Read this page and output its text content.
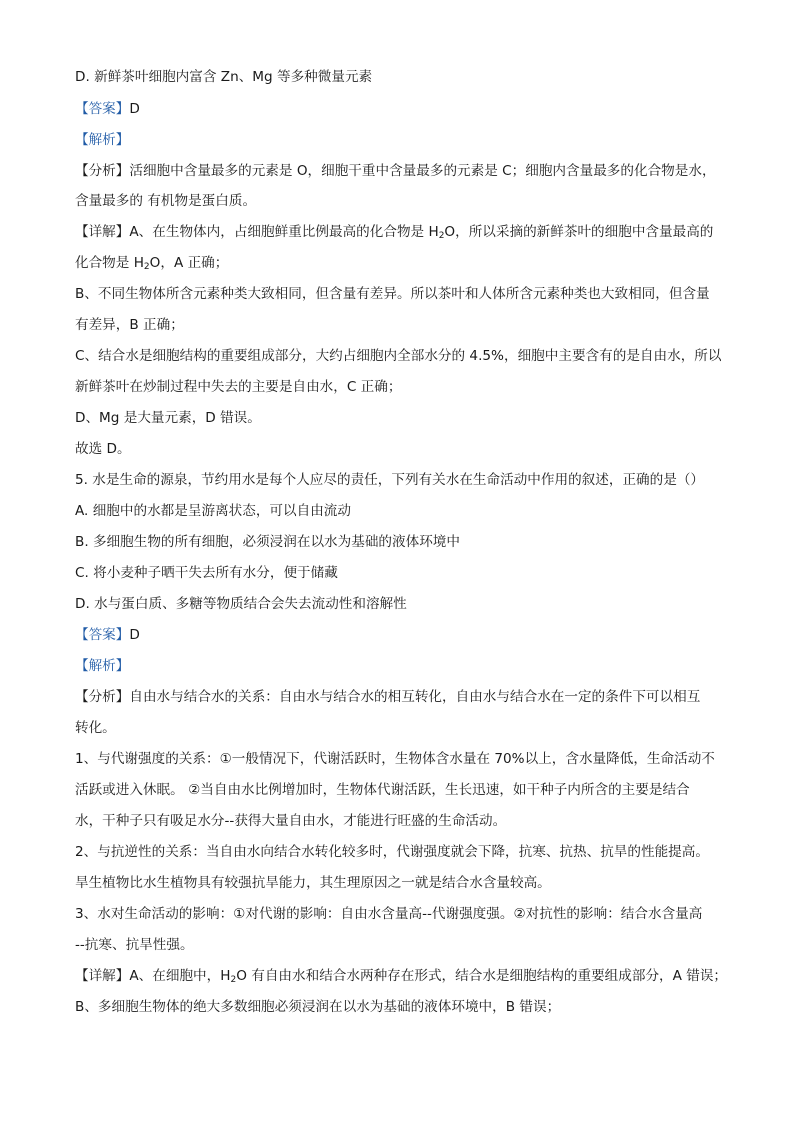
D. 新鲜茶叶细胞内富含 Zn、Mg 等多种微量元素
【答案】D
【解析】
【分析】活细胞中含量最多的元素是 O，细胞干重中含量最多的元素是 C；细胞内含量最多的化合物是水，
含量最多的 有机物是蛋白质。
【详解】A、在生物体内，占细胞鲜重比例最高的化合物是 $H_2O$，所以采摘的新鲜茶叶的细胞中含量最高的
化合物是 $H_2O$，A 正确；
B、不同生物体所含元素种类大致相同，但含量有差异。所以茶叶和人体所含元素种类也大致相同，但含量
有差异，B 正确；
C、结合水是细胞结构的重要组成部分，大约占细胞内全部水分的 4.5%，细胞中主要含有的是自由水，所以
新鲜茶叶在炒制过程中失去的主要是自由水，C 正确；
D、Mg 是大量元素，D 错误。
故选 D。
5. 水是生命的源泉，节约用水是每个人应尽的责任，下列有关水在生命活动中作用的叙述，正确的是（）
A. 细胞中的水都是呈游离状态，可以自由流动
B. 多细胞生物的所有细胞，必须浸润在以水为基础的液体环境中
C. 将小麦种子晒干失去所有水分，便于储藏
D. 水与蛋白质、多糖等物质结合会失去流动性和溶解性
【答案】D
【解析】
【分析】自由水与结合水的关系：自由水与结合水的相互转化，自由水与结合水在一定的条件下可以相互
转化。
1、与代谢强度的关系：①一般情况下，代谢活跃时，生物体含水量在 70%以上，含水量降低，生命活动不
活跃或进入休眠。 ②当自由水比例增加时，生物体代谢活跃，生长迅速，如干种子内所含的主要是结合
水，干种子只有吸足水分--获得大量自由水，才能进行旺盛的生命活动。
2、与抗逆性的关系：当自由水向结合水转化较多时，代谢强度就会下降，抗寒、抗热、抗旱的性能提高。
旱生植物比水生植物具有较强抗旱能力，其生理原因之一就是结合水含量较高。
3、水对生命活动的影响：①对代谢的影响：自由水含量高--代谢强度强。②对抗性的影响：结合水含量高
--抗寒、抗旱性强。
【详解】A、在细胞中，$H_2O$ 有自由水和结合水两种存在形式，结合水是细胞结构的重要组成部分，A 错误；
B、多细胞生物体的绝大多数细胞必须浸润在以水为基础的液体环境中，B 错误；
